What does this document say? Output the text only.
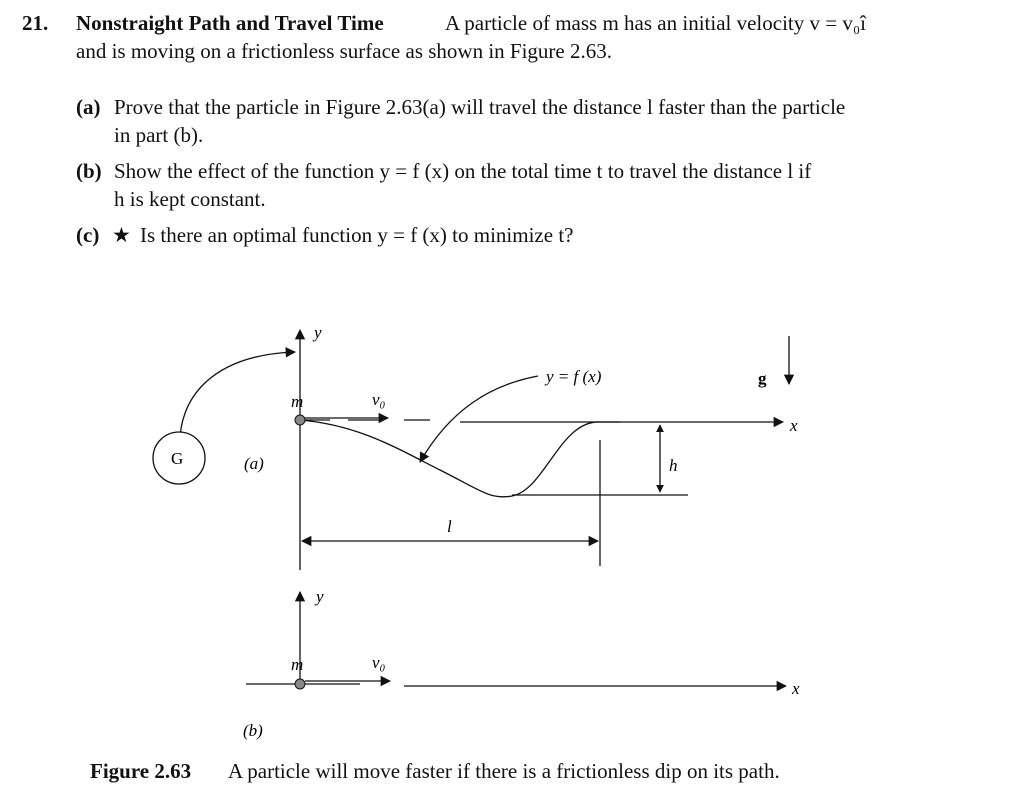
21. Nonstraight Path and Travel Time	A particle of mass m has an initial velocity v = v₀î
and is moving on a frictionless surface as shown in Figure 2.63.
(a) Prove that the particle in Figure 2.63(a) will travel the distance l faster than the particle
in part (b).
(b) Show the effect of the function y = f (x) on the total time t to travel the distance l if
h is kept constant.
(c) ★ Is there an optimal function y = f (x) to minimize t?
y
m	v₀
y = f (x)	g
x
G	(a)	h
l
y
m	v₀
x
(b)
Figure 2.63 A particle will move faster if there is a frictionless dip on its path.
